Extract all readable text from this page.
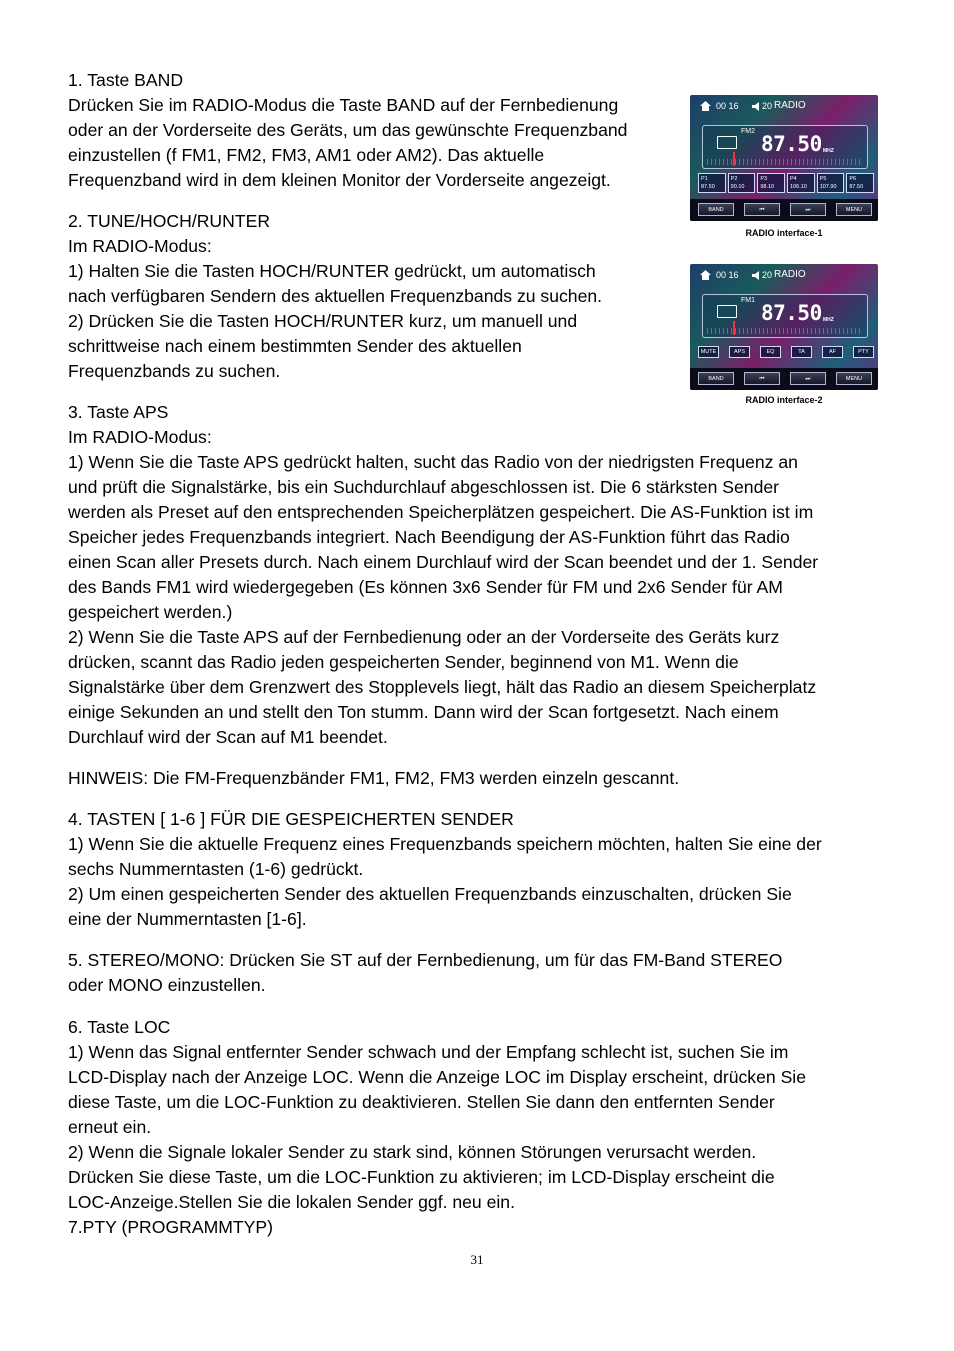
1. Taste BAND

Drücken Sie im RADIO-Modus die Taste BAND auf der Fernbedienung

oder an der Vorderseite des Geräts, um das gewünschte Frequenzband

einzustellen (f FM1, FM2, FM3, AM1 oder AM2). Das aktuelle

Frequenzband wird in dem kleinen Monitor der Vorderseite angezeigt.

2. TUNE/HOCH/RUNTER

Im RADIO-Modus:

1) Halten Sie die Tasten HOCH/RUNTER gedrückt, um automatisch

nach verfügbaren Sendern des aktuellen Frequenzbands zu suchen.

2) Drücken Sie die Tasten HOCH/RUNTER kurz, um manuell und

schrittweise nach einem bestimmten Sender des aktuellen

Frequenzbands zu suchen.

3. Taste APS

Im RADIO-Modus:

1) Wenn Sie die Taste APS gedrückt halten, sucht das Radio von der niedrigsten Frequenz an

und prüft die Signalstärke, bis ein Suchdurchlauf abgeschlossen ist. Die 6 stärksten Sender

werden als Preset auf den entsprechenden Speicherplätzen gespeichert. Die AS-Funktion ist im

Speicher jedes Frequenzbands integriert. Nach Beendigung der AS-Funktion führt das Radio

einen Scan aller Presets durch. Nach einem Durchlauf wird der Scan beendet und der 1. Sender

des Bands FM1 wird wiedergegeben (Es können 3x6 Sender für FM und 2x6 Sender für AM

gespeichert werden.)

2) Wenn Sie die Taste APS auf der Fernbedienung oder an der Vorderseite des Geräts kurz

drücken, scannt das Radio jeden gespeicherten Sender, beginnend von M1. Wenn die

Signalstärke über dem Grenzwert des Stopplevels liegt, hält das Radio an diesem Speicherplatz

einige Sekunden an und stellt den Ton stumm. Dann wird der Scan fortgesetzt. Nach einem

Durchlauf wird der Scan auf M1 beendet.

HINWEIS: Die FM-Frequenzbänder FM1, FM2, FM3 werden einzeln gescannt.

4. TASTEN [ 1-6 ] FÜR DIE GESPEICHERTEN SENDER

1) Wenn Sie die aktuelle Frequenz eines Frequenzbands speichern möchten, halten Sie eine der

sechs Nummerntasten (1-6) gedrückt.

2) Um einen gespeicherten Sender des aktuellen Frequenzbands einzuschalten, drücken Sie

eine der Nummerntasten [1-6].

5. STEREO/MONO: Drücken Sie ST auf der Fernbedienung, um für das FM-Band STEREO

oder MONO einzustellen.

6. Taste LOC

1) Wenn das Signal entfernter Sender schwach und der Empfang schlecht ist, suchen Sie im

LCD-Display nach der Anzeige LOC. Wenn die Anzeige LOC im Display erscheint, drücken Sie

diese Taste, um die LOC-Funktion zu deaktivieren. Stellen Sie dann den entfernten Sender

erneut ein.

2) Wenn die Signale lokaler Sender zu stark sind, können Störungen verursacht werden.

Drücken Sie diese Taste, um die LOC-Funktion zu aktivieren; im LCD-Display erscheint die

LOC-Anzeige.Stellen Sie die lokalen Sender ggf. neu ein.

7.PTY (PROGRAMMTYP)

31
00 16	20 RADIO
FM2
87.50 MHZ
P1
87.50
P2
90.10
P3
98.10
P4
106.10
P5
107.90
P6
87.50
BAND	⏮	⏭	MENU
RADIO interface-1
00 16	20 RADIO
FM1
87.50 MHZ
MUTE	APS	EQ	TA	AF	PTY
BAND	⏮	⏭	MENU
RADIO interface-2
